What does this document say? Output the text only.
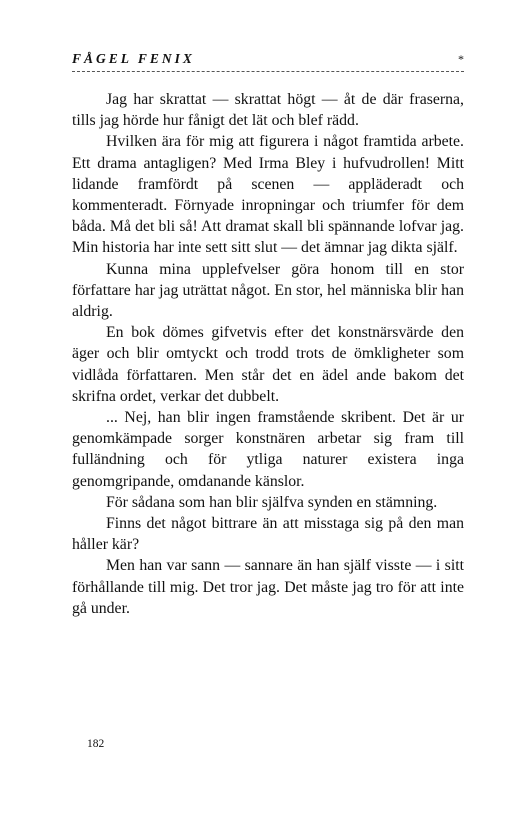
FÅGEL FENIX	*

Jag har skrattat — skrattat högt — åt de där fraserna, tills jag hörde hur fånigt det lät och blef rädd.

Hvilken ära för mig att figurera i något framtida arbete. Ett drama antagligen? Med Irma Bley i hufvudrollen! Mitt lidande framfördt på scenen — appläderadt och kommenteradt. Förnyade inropningar och triumfer för dem båda. Må det bli så! Att dramat skall bli spännande lofvar jag. Min historia har inte sett sitt slut — det ämnar jag dikta själf.

Kunna mina upplefvelser göra honom till en stor författare har jag uträttat något. En stor, hel människa blir han aldrig.

En bok dömes gifvetvis efter det konstnärsvärde den äger och blir omtyckt och trodd trots de ömkligheter som vidlåda författaren. Men står det en ädel ande bakom det skrifna ordet, verkar det dubbelt.

... Nej, han blir ingen framstående skribent. Det är ur genomkämpade sorger konstnären arbetar sig fram till fulländning och för ytliga naturer existera inga genomgripande, omdanande känslor.

För sådana som han blir själfva synden en stämning.

Finns det något bittrare än att misstaga sig på den man håller kär?

Men han var sann — sannare än han själf visste — i sitt förhållande till mig. Det tror jag. Det måste jag tro för att inte gå under.

182
